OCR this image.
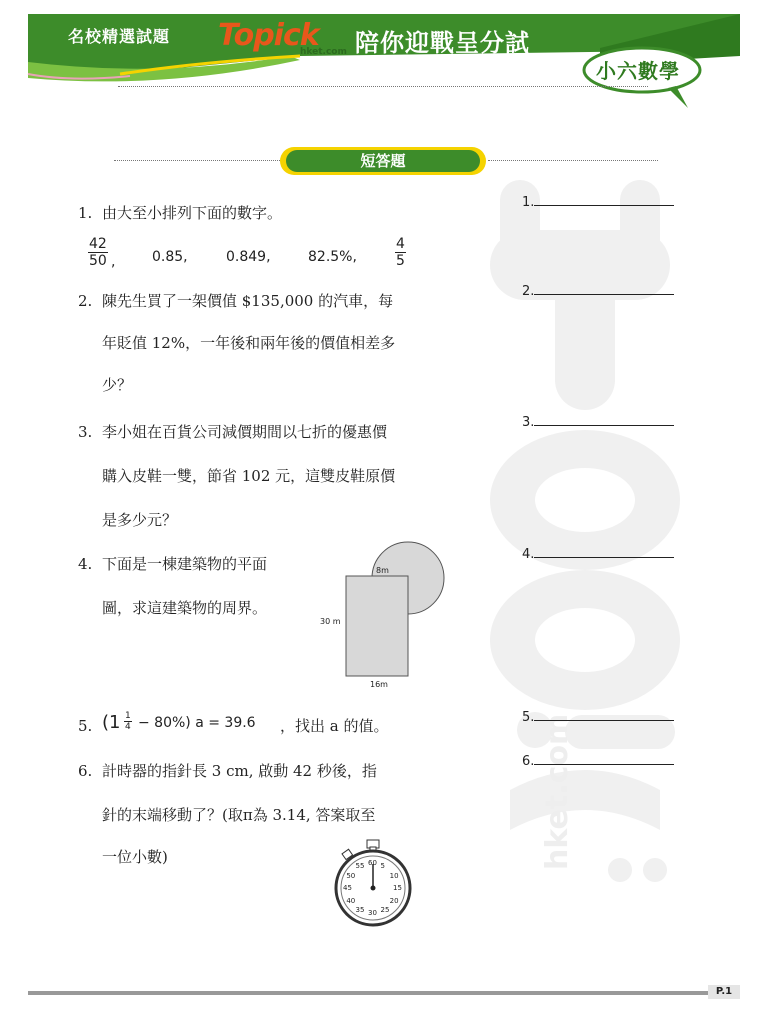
名校精選試題 Topick
hket.com 陪你迎戰呈分試
小六數學
hket.com
短答題
1. 由大至小排列下面的數字。
$\frac{42}{50}$ ,	0.85,	0.849,	82.5%,	$\frac{4}{5}$
2. 陳先生買了一架價值 $135,000 的汽車，每
年貶值 12%，一年後和兩年後的價值相差多
少？
3. 李小姐在百貨公司減價期間以七折的優惠價
購入皮鞋一雙，節省 102 元，這雙皮鞋原價
是多少元？
4. 下面是一棟建築物的平面
圖，求這建築物的周界。
8m
30 m
16m
5. $(1 \frac{1}{4} - 80\%)$ a = 39.6 ，找出 a 的值。
6. 計時器的指針長 3 cm, 啟動 42 秒後，指
針的末端移動了？(取π為 3.14, 答案取至
一位小數)	60 5
10
15
20
25
30
35
40
45
50
55
1.
2.
3.
4.
5.
6.
P.1
